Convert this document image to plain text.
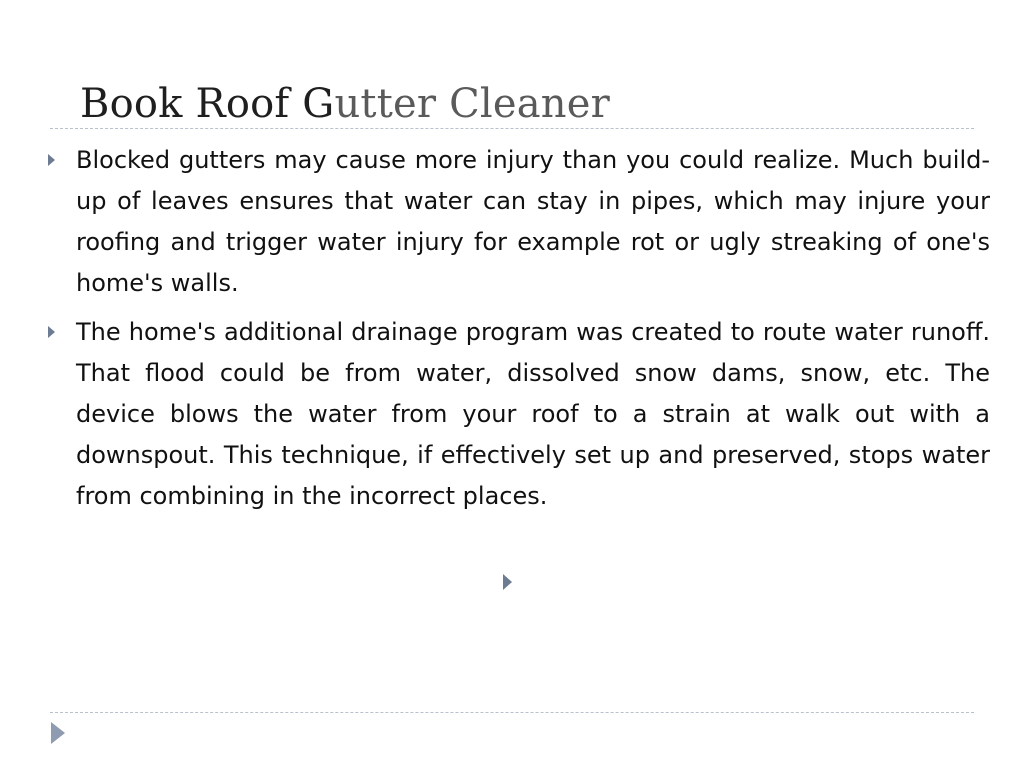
Book Roof Gutter Cleaner
Blocked gutters may cause more injury than you could realize. Much build-up of leaves ensures that water can stay in pipes, which may injure your roofing and trigger water injury for example rot or ugly streaking of one's home's walls.
The home's additional drainage program was created to route water runoff. That flood could be from water, dissolved snow dams, snow, etc. The device blows the water from your roof to a strain at walk out with a downspout. This technique, if effectively set up and preserved, stops water from combining in the incorrect places.
